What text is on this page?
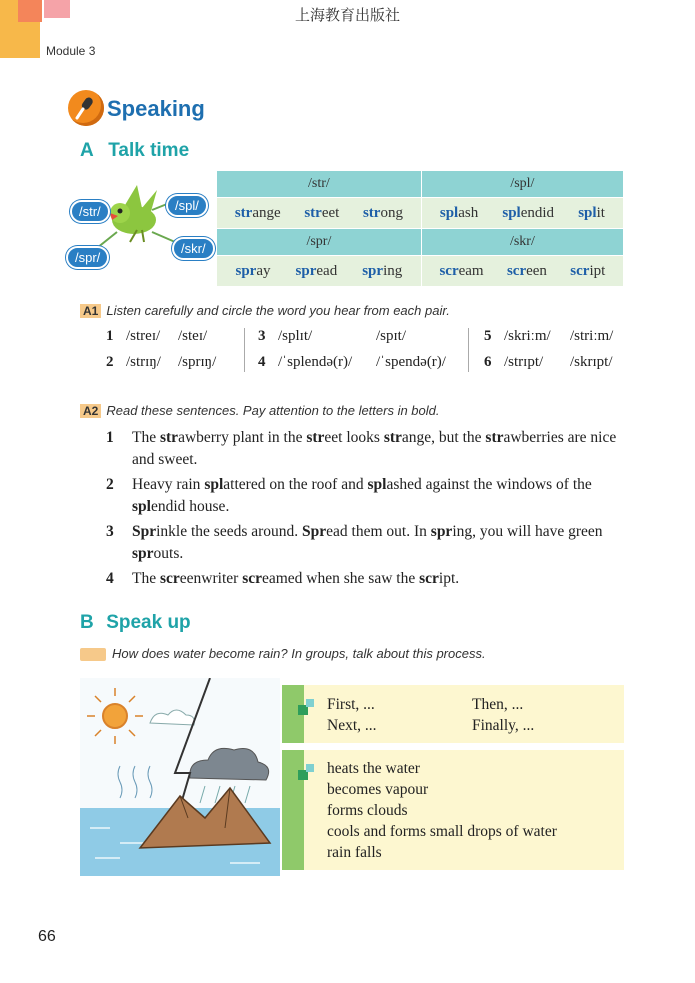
上海教育出版社
Module 3
Speaking
A Talk time
/str/	/spl/
/spr/
/skr/
/str/	/spl/

strange street strong	splash splendid split

/spr/	/skr/

spray spread spring	scream screen script
A1 Listen carefully and circle the word you hear from each pair.
1 /streɪ/ /steɪ/
2 /strɪŋ/ /sprɪŋ/
3 /splɪt/	/spɪt/
4 /ˈsplendə(r)/ /ˈspendə(r)/
5 /skriːm/ /striːm/
6 /strɪpt/ /skrɪpt/
A2 Read these sentences. Pay attention to the letters in bold.
1	The strawberry plant in the street looks strange, but the strawberries are nice and sweet.
2	Heavy rain splattered on the roof and splashed against the windows of the splendid house.
3	Sprinkle the seeds around. Spread them out. In spring, you will have green sprouts.
4	The screenwriter screamed when she saw the script.
B Speak up
How does water become rain? In groups, talk about this process.
First, ...	Then, ...
Next, ...	Finally, ...
heats the water
becomes vapour
forms clouds
cools and forms small drops of water
rain falls
66
